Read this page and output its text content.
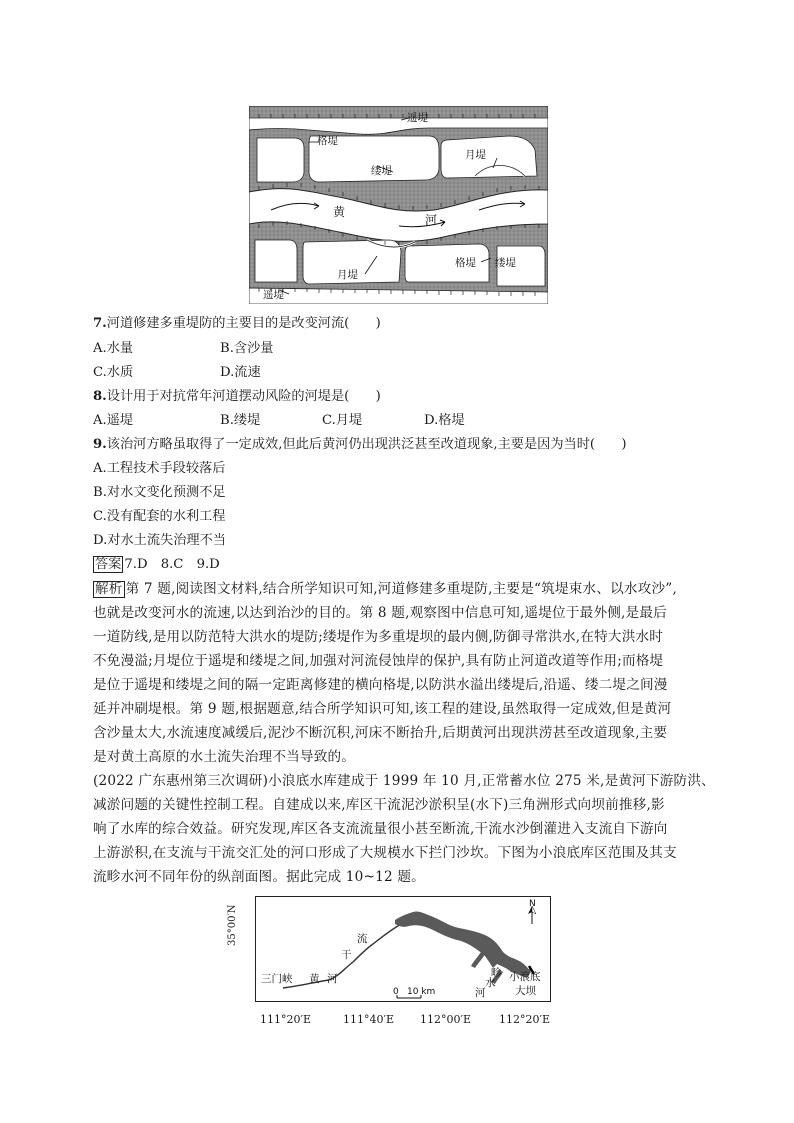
遥堤
格堤
月堤
缕堤
黄
河
月堤
格堤 缕堤
遥堤
7.河道修建多重堤防的主要目的是改变河流(　　)
A.水量	B.含沙量
C.水质	D.流速
8.设计用于对抗常年河道摆动风险的河堤是(　　)
A.遥堤	B.缕堤	C.月堤	D.格堤
9.该治河方略虽取得了一定成效,但此后黄河仍出现洪泛甚至改道现象,主要是因为当时(　　)
A.工程技术手段较落后
B.对水文变化预测不足
C.没有配套的水利工程
D.对水土流失治理不当
答案 7.D　8.C　9.D
解析 第 7 题,阅读图文材料,结合所学知识可知,河道修建多重堤防,主要是“筑堤束水、以水攻沙”,
也就是改变河水的流速,以达到治沙的目的。第 8 题,观察图中信息可知,遥堤位于最外侧,是最后
一道防线,是用以防范特大洪水的堤防;缕堤作为多重堤坝的最内侧,防御寻常洪水,在特大洪水时
不免漫溢;月堤位于遥堤和缕堤之间,加强对河流侵蚀岸的保护,具有防止河道改道等作用;而格堤
是位于遥堤和缕堤之间的隔一定距离修建的横向格堤,以防洪水溢出缕堤后,沿遥、缕二堤之间漫
延并冲刷堤根。第 9 题,根据题意,结合所学知识可知,该工程的建设,虽然取得一定成效,但是黄河
含沙量太大,水流速度减缓后,泥沙不断沉积,河床不断抬升,后期黄河出现洪涝甚至改道现象,主要
是对黄土高原的水土流失治理不当导致的。
(2022 广东惠州第三次调研)小浪底水库建成于 1999 年 10 月,正常蓄水位 275 米,是黄河下游防洪、
减淤问题的关键性控制工程。自建成以来,库区干流泥沙淤积呈(水下)三角洲形式向坝前推移,影
响了水库的综合效益。研究发现,库区各支流流量很小甚至断流,干流水沙倒灌进入支流自下游向
上游淤积,在支流与干流交汇处的河口形成了大规模水下拦门沙坎。下图为小浪底库区范围及其支
流畛水河不同年份的纵剖面图。据此完成 10~12 题。
35°00′N
N
0 10 km
三门峡 黄 河
干
流
畛
水
河
小浪底
大坝
111°20′E	111°40′E 112°00′E	112°20′E
